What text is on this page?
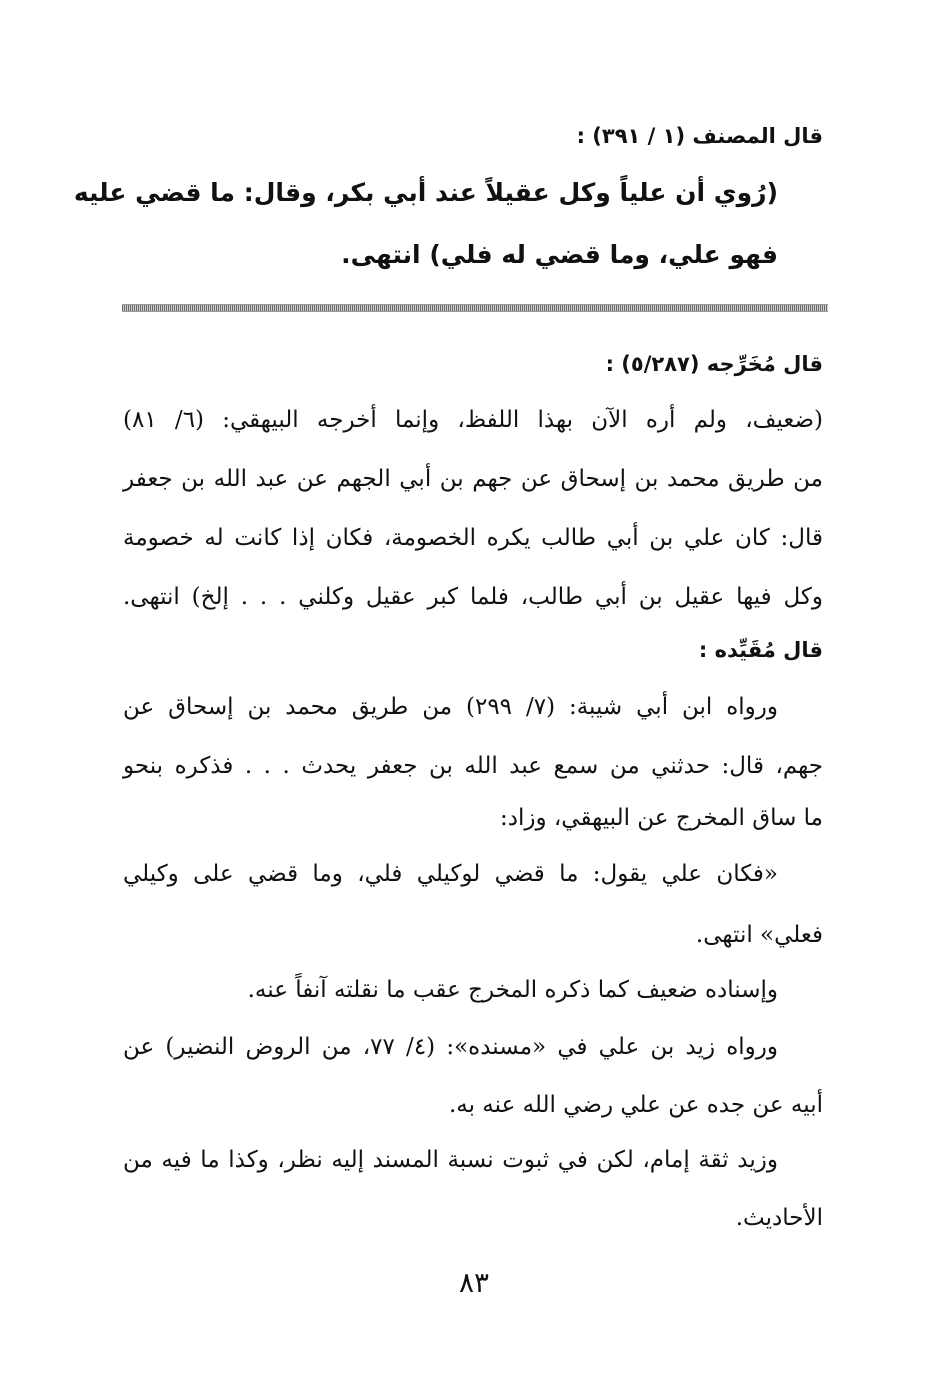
قال المصنف (١ / ٣٩١) :
(رُوي أن علياً وكل عقيلاً عند أبي بكر، وقال: ما قضي عليه
فهو علي، وما قضي له فلي) انتهى.
قال مُخَرِّجه (٥/٢٨٧) :
(ضعيف، ولم أره الآن بهذا اللفظ، وإنما أخرجه البيهقي: (٦/ ٨١)
من طريق محمد بن إسحاق عن جهم بن أبي الجهم عن عبد الله بن جعفر
قال: كان علي بن أبي طالب يكره الخصومة، فكان إذا كانت له خصومة
وكل فيها عقيل بن أبي طالب، فلما كبر عقيل وكلني . . . إلخ) انتهى.
قال مُقَيِّده :
ورواه ابن أبي شيبة: (٧/ ٢٩٩) من طريق محمد بن إسحاق عن
جهم، قال: حدثني من سمع عبد الله بن جعفر يحدث . . . فذكره بنحو
ما ساق المخرج عن البيهقي، وزاد:
«فكان علي يقول: ما قضي لوكيلي فلي، وما قضي على وكيلي
فعلي» انتهى.
وإسناده ضعيف كما ذكره المخرج عقب ما نقلته آنفاً عنه.
ورواه زيد بن علي في «مسنده»: (٤/ ٧٧، من الروض النضير) عن
أبيه عن جده عن علي رضي الله عنه به.
وزيد ثقة إمام، لكن في ثبوت نسبة المسند إليه نظر، وكذا ما فيه من
الأحاديث.
٨٣
